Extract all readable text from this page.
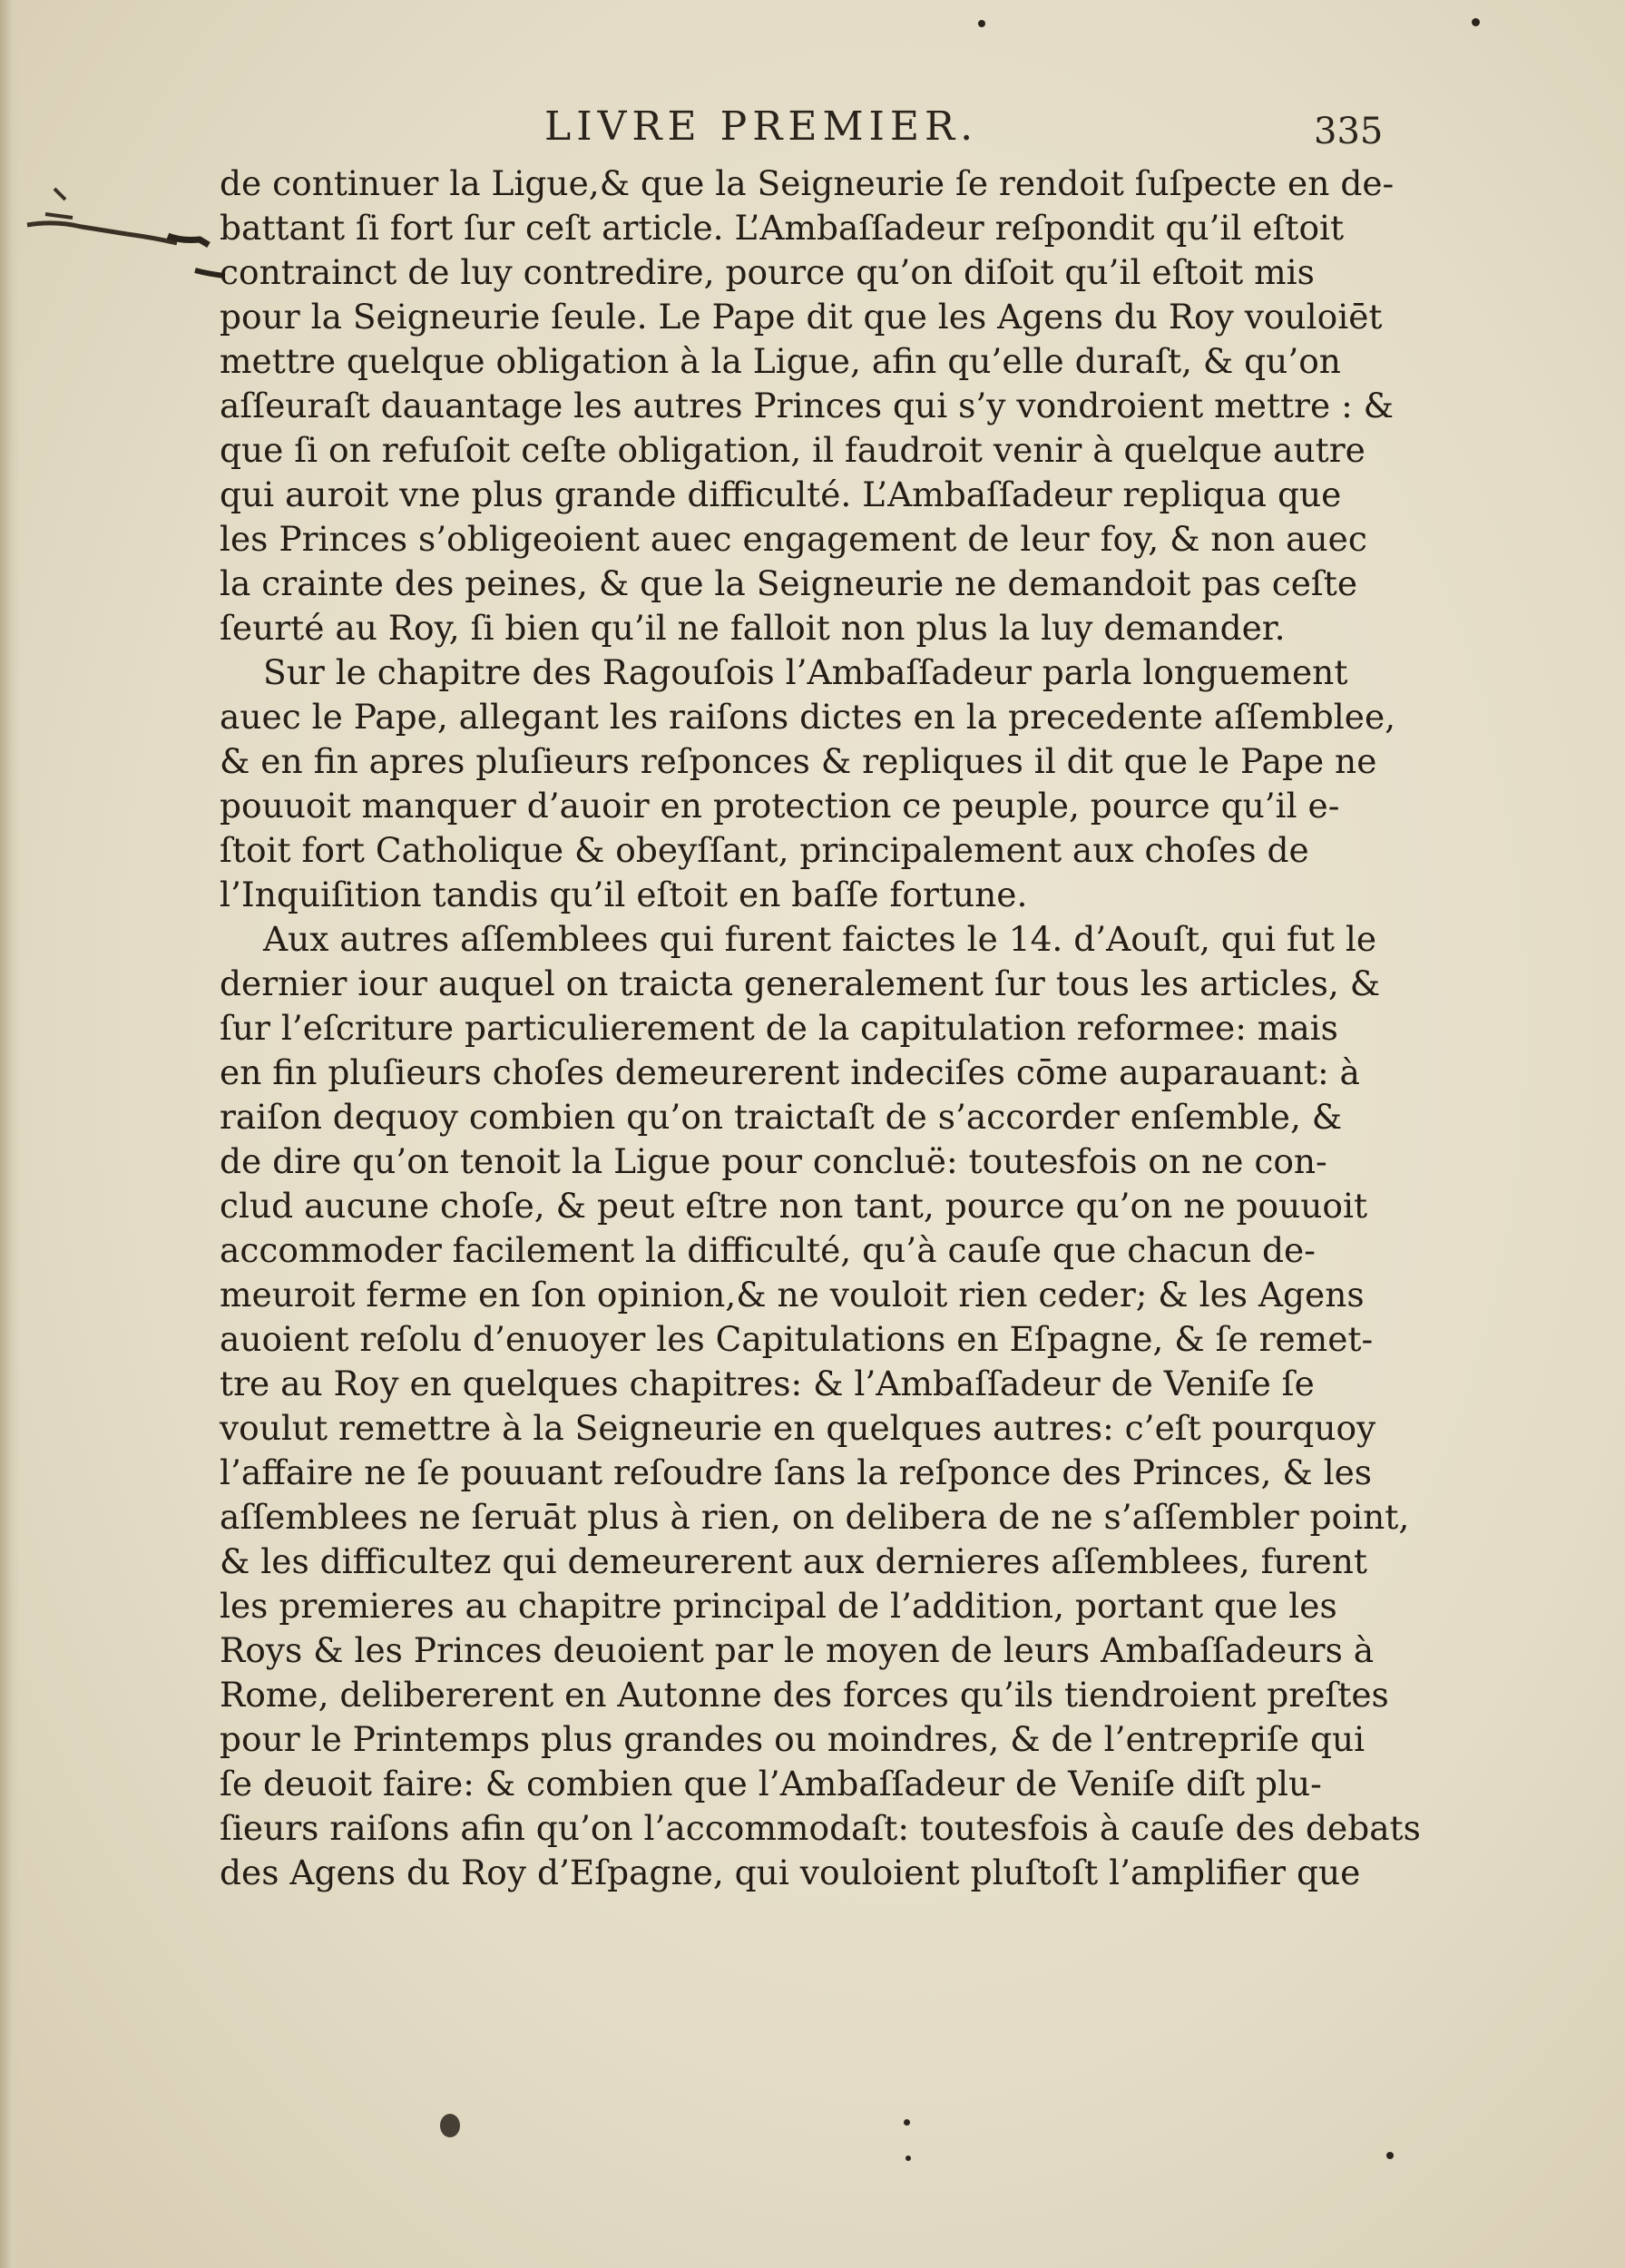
LIVRE PREMIER.	335
de continuer la Ligue,& que la Seigneurie ſe rendoit ſuſpecte en de-
battant ſi fort ſur ceſt article. L’Ambaſſadeur reſpondit qu’il eſtoit
contrainct de luy contredire, pource qu’on diſoit qu’il eſtoit mis
pour la Seigneurie ſeule. Le Pape dit que les Agens du Roy vouloiēt
mettre quelque obligation à la Ligue, afin qu’elle duraſt, & qu’on
aſſeuraſt dauantage les autres Princes qui s’y vondroient mettre : &
que ſi on refuſoit ceſte obligation, il faudroit venir à quelque autre
qui auroit vne plus grande difficulté. L’Ambaſſadeur repliqua que
les Princes s’obligeoient auec engagement de leur foy, & non auec
la crainte des peines, & que la Seigneurie ne demandoit pas ceſte
ſeurté au Roy, ſi bien qu’il ne falloit non plus la luy demander.
Sur le chapitre des Ragouſois l’Ambaſſadeur parla longuement
auec le Pape, allegant les raiſons dictes en la precedente aſſemblee,
& en fin apres pluſieurs reſponces & repliques il dit que le Pape ne
pouuoit manquer d’auoir en protection ce peuple, pource qu’il e-
ſtoit fort Catholique & obeyſſant, principalement aux choſes de
l’Inquiſition tandis qu’il eſtoit en baſſe fortune.
Aux autres aſſemblees qui furent faictes le 14. d’Aouſt, qui fut le
dernier iour auquel on traicta generalement ſur tous les articles, &
ſur l’eſcriture particulierement de la capitulation reformee: mais
en fin pluſieurs choſes demeurerent indeciſes cōme auparauant: à
raiſon dequoy combien qu’on traictaſt de s’accorder enſemble, &
de dire qu’on tenoit la Ligue pour concluë: toutesfois on ne con-
clud aucune choſe, & peut eſtre non tant, pource qu’on ne pouuoit
accommoder facilement la difficulté, qu’à cauſe que chacun de-
meuroit ferme en ſon opinion,& ne vouloit rien ceder; & les Agens
auoient reſolu d’enuoyer les Capitulations en Eſpagne, & ſe remet-
tre au Roy en quelques chapitres: & l’Ambaſſadeur de Veniſe ſe
voulut remettre à la Seigneurie en quelques autres: c’eſt pourquoy
l’affaire ne ſe pouuant reſoudre ſans la reſponce des Princes, & les
aſſemblees ne ſeruāt plus à rien, on delibera de ne s’aſſembler point,
& les difficultez qui demeurerent aux dernieres aſſemblees, furent
les premieres au chapitre principal de l’addition, portant que les
Roys & les Princes deuoient par le moyen de leurs Ambaſſadeurs à
Rome, delibererent en Autonne des forces qu’ils tiendroient preſtes
pour le Printemps plus grandes ou moindres, & de l’entrepriſe qui
ſe deuoit faire: & combien que l’Ambaſſadeur de Veniſe diſt plu-
ſieurs raiſons afin qu’on l’accommodaſt: toutesfois à cauſe des debats
des Agens du Roy d’Eſpagne, qui vouloient pluſtoſt l’amplifier que
